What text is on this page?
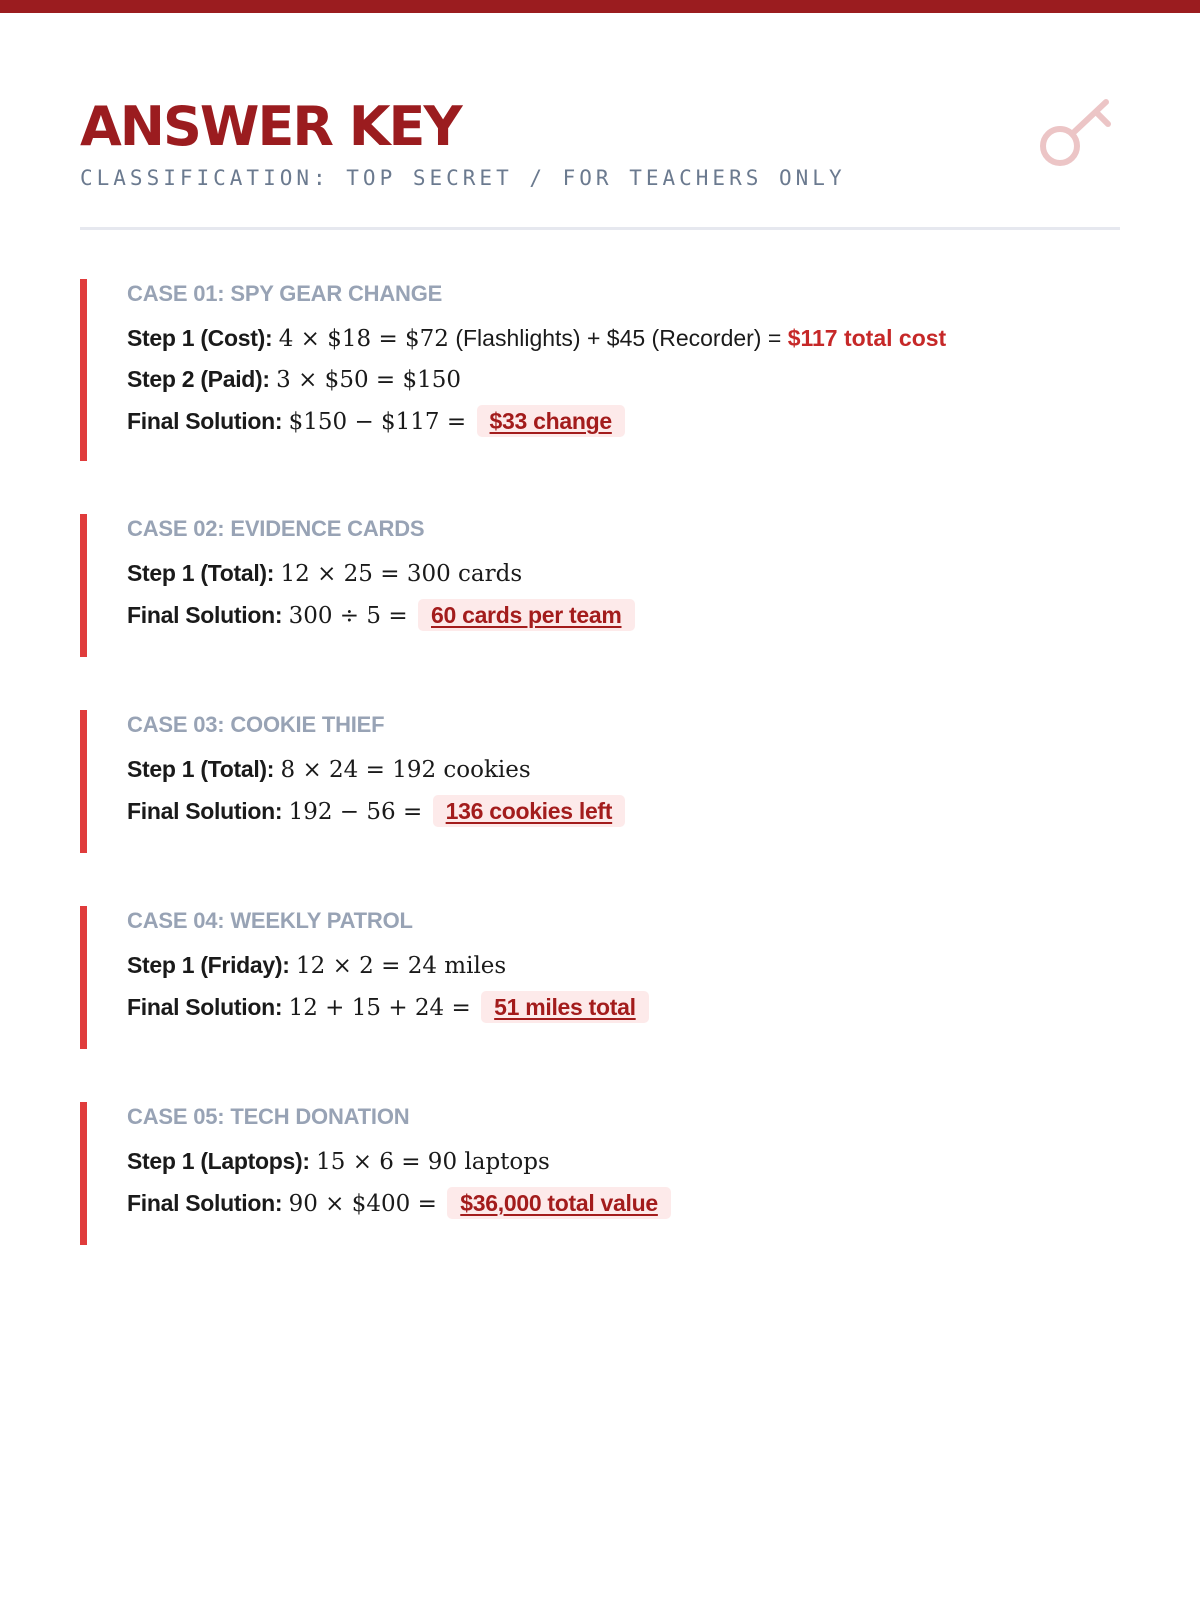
ANSWER KEY
CLASSIFICATION: TOP SECRET / FOR TEACHERS ONLY
CASE 01: SPY GEAR CHANGE
Step 1 (Cost): 4 × $18 = $72 (Flashlights) + $45 (Recorder) = $117 total cost
Step 2 (Paid): 3 × $50 = $150
Final Solution: $150 − $117 = $33 change
CASE 02: EVIDENCE CARDS
Step 1 (Total): 12 × 25 = 300 cards
Final Solution: 300 ÷ 5 = 60 cards per team
CASE 03: COOKIE THIEF
Step 1 (Total): 8 × 24 = 192 cookies
Final Solution: 192 − 56 = 136 cookies left
CASE 04: WEEKLY PATROL
Step 1 (Friday): 12 × 2 = 24 miles
Final Solution: 12 + 15 + 24 = 51 miles total
CASE 05: TECH DONATION
Step 1 (Laptops): 15 × 6 = 90 laptops
Final Solution: 90 × $400 = $36,000 total value
